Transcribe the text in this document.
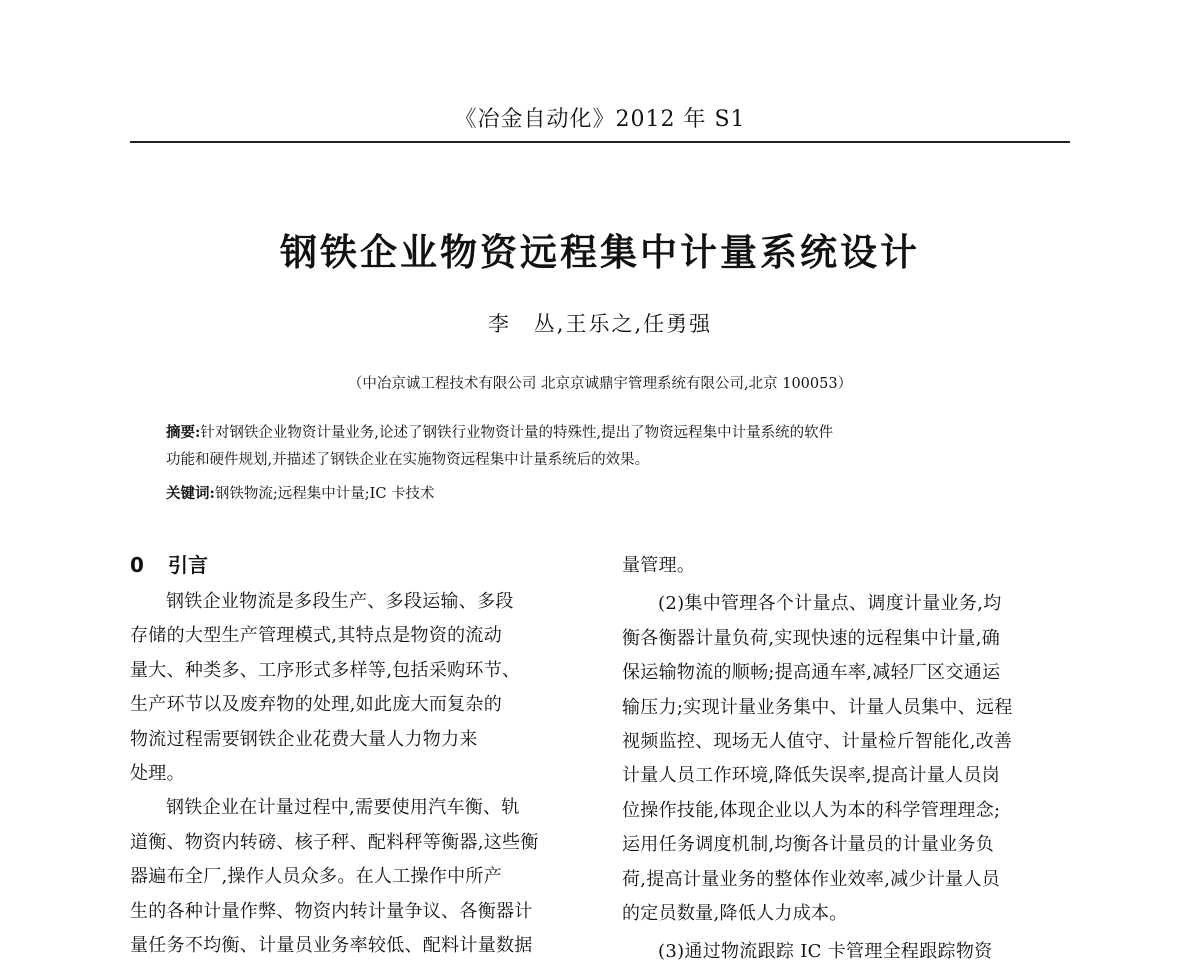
《冶金自动化》2012 年 S1
钢铁企业物资远程集中计量系统设计
李　丛,王乐之,任勇强
（中冶京诚工程技术有限公司 北京京诚鼎宇管理系统有限公司,北京 100053）
摘要:针对钢铁企业物资计量业务,论述了钢铁行业物资计量的特殊性,提出了物资远程集中计量系统的软件
功能和硬件规划,并描述了钢铁企业在实施物资远程集中计量系统后的效果。
关键词:钢铁物流;远程集中计量;IC 卡技术
0 引言

钢铁企业物流是多段生产、多段运输、多段
存储的大型生产管理模式,其特点是物资的流动
量大、种类多、工序形式多样等,包括采购环节、
生产环节以及废弃物的处理,如此庞大而复杂的
物流过程需要钢铁企业花费大量人力物力来
处理。

钢铁企业在计量过程中,需要使用汽车衡、轨
道衡、物资内转磅、核子秤、配料秤等衡器,这些衡
器遍布全厂,操作人员众多。在人工操作中所产
生的各种计量作弊、物资内转计量争议、各衡器计
量任务不均衡、计量员业务率较低、配料计量数据

量管理。

(2)集中管理各个计量点、调度计量业务,均
衡各衡器计量负荷,实现快速的远程集中计量,确
保运输物流的顺畅;提高通车率,减轻厂区交通运
输压力;实现计量业务集中、计量人员集中、远程
视频监控、现场无人值守、计量检斤智能化,改善
计量人员工作环境,降低失误率,提高计量人员岗
位操作技能,体现企业以人为本的科学管理理念;
运用任务调度机制,均衡各计量员的计量业务负
荷,提高计量业务的整体作业效率,减少计量人员
的定员数量,降低人力成本。

(3)通过物流跟踪 IC 卡管理全程跟踪物资
